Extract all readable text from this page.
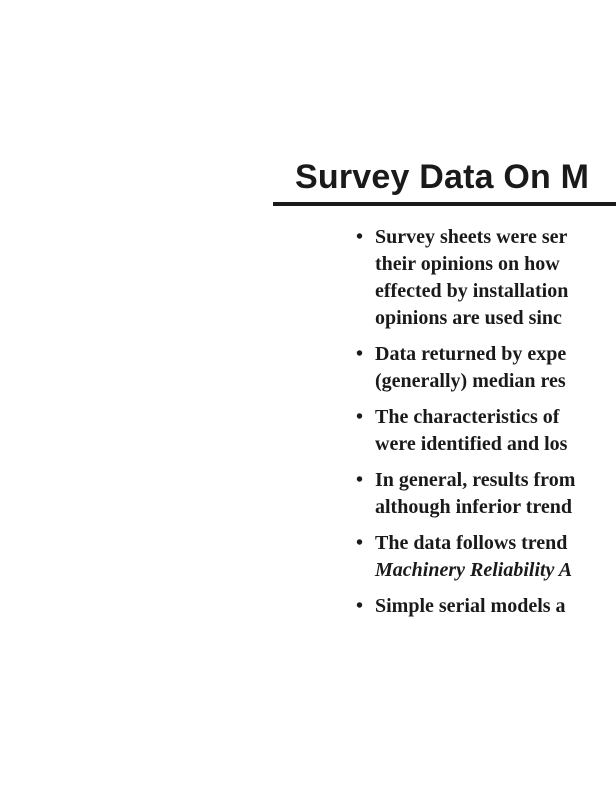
Survey Data On M
• Survey sheets were ser
their opinions on how
effected by installation
opinions are used sinc
• Data returned by expe
(generally) median res
• The characteristics of
were identified and los
• In general, results from
although inferior trend
• The data follows trend
Machinery Reliability A
• Simple serial models a
